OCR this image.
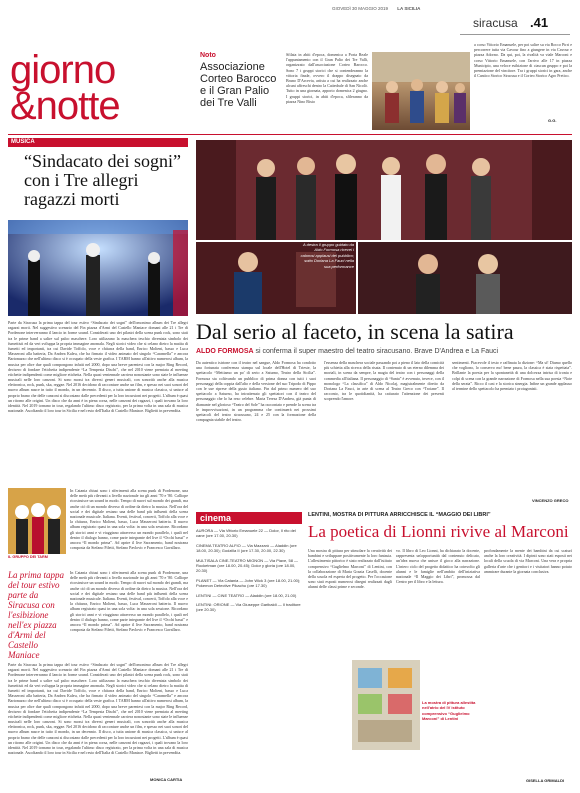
GIOVEDÌ 30 MAGGIO 2019 LA SICILIA
siracusa .41
giorno
&notte
Noto
Associazione Corteo Barocco e il Gran Palio dei Tre Valli
Sfilata in abiti d'epoca, domenica a Porta Reale l'appuntamento con il Gran Palio dei Tre Valli, organizzato dall'associazione Corteo Barocco. Sono 7 i gruppi storici che si contenderanno la vittoria finale, ovvero il drappo disegnato da Bruno D'Arcevia, artista a cui ha realizzato anche alcuni affreschi dentro la Cattedrale di San Nicolò. Tutto in una giornata, apporto domenica 2 giugno. I gruppi storici, in abiti d'epoca, sfileranno da piazza Nino Bixio
a corso Vittorio Emanuele, per poi salire su via Rocco Pirri e percorrere tutta via Cavour fino a giungere in via Cavour e piazza Adorno. Da qui, poi, la rivalità va viale Marconi e corso Vittorio Emanuele, con l'arrivo alle 17 in piazza Municipio, una veloce esibizione di ciascun gruppo e poi la premiazione del vincitore. Tra i gruppi storici in gara, anche il Cantico Storico Siracusa e il Corteo Storico Agro Pretico.
G.G.
MUSICA
“Sindacato dei sogni” con i Tre allegri ragazzi morti
Parte da Siracusa la prima tappa del tour estivo “Sindacato dei sogni” dell'omonimo album dei Tre allegri ragazzi morti. Nel suggestivo scenario del Fin piazza d'Armi del Castello Maniace domani alle 21 i Tre di Pordenone interverranno il lancio in forme sound. Considerati uno dei pilastri della scena punk rock, sono stati tra le prime band a salire sul palco maschere. Loro utilizzano la maschera teschio diventata simbolo dei fumettisti ed da veri sviluppa la propria immagine anomala. Negli storici video che si celano dietro la matita di fumetti ed importanti, tra cui Davide Toffolo, voce e chitarra della band, Enrico Molteni, basso e Luca Masseroni alla batteria, Da Andrea Kaleu, che ha firmato il video animato del singolo “Caramella” e ancora Bartonuzzo che nell'ultimo disco si è occupato della veste grafica. I TARM hanno all'attivo numerosi album, la musica per oltre due quali compongono infatti nel 2000, dopo una breve parentesi con la major Ring Record, decisero di fondare l'etichetta indipendente “La Tempesta Dischi”, che nel 2010 viene premiata al meeting etichette indipendenti come migliore etichetta. Nella quasi ventennale carriera nonostante sono state le influenze musicali nelle loro canzoni. Si sono mossi tra diversi generi musicali, con sonorità anche alla musica elettronica, rock, punk, ska, reggae. Nel 2016 decidono di raccontare anche un film, e spesso nei suoi sonori del nuovo album nasce in tutto il mondo, in un decennio. Il disco, a tutta unione di musica classica, si unisce al proprio brano che delle canzoni si discostano dalle precedenti per la loro incursioni nei progetti. L'album è quasi un ritorno alle origini. Un disco che da anni è in piena corsa, nelle canzoni dei ragazzi, i quali trovano la loro identità. Nel 2019 tornano in tour, regalando l'ultimo disco registrato, per la prima volta in una sala di musica nazionale. Ascoltando il loro tour in Sicilia e nel resto dell'Italia di Castello Maniace. Biglietti in prevendita.
IL GRUPPO DEI TARM
In Catania chiusi sono i riferimenti alla scena punk di Pordenone, una delle metà più rilevanti a livello nazionale tra gli anni '70 e '80. Calliope ricostruisce un sound in modo. Tempo di nuovi sul mondo dei grandi, ma anche ciò di un mondo diverso di ordine da dietro la musica. Nell'ora del social e dei digitale restano una delle band più influenti della scena nazionale musicale. Italiana. Eventi, festival, concerti, Toffolo alla voce e la chitarra, Enrico Molteni, basso, Luca Masseroni batteria. Il nuovo album registrato quasi in una sola volta: in una sola sessione. Ricordano gli storici anni e vi viaggiano attraverso un mondo parallelo, i quali nel dentro il dialogo hanno, come parte integrante del live il “Occhi bassi” e ancora “Il mondo prima”. Ad aprire il live Sacramento, band nostrana composta da Stefano Filetti, Stefano Pavlovic e Francesco Gavallaro.
La prima tappa del tour estivo parte da Siracusa con l'esibizione nell'ex piazza d'Armi del Castello Maniace
In Catania chiusi sono i riferimenti alla scena punk di Pordenone, una delle metà più rilevanti a livello nazionale tra gli anni '70 e '80. Calliope ricostruisce un sound in modo. Tempo di nuovi sul mondo dei grandi, ma anche ciò di un mondo diverso di ordine da dietro la musica. Nell'ora del social e dei digitale restano una delle band più influenti della scena nazionale musicale. Italiana. Eventi, festival, concerti, Toffolo alla voce e la chitarra, Enrico Molteni, basso, Luca Masseroni batteria. Il nuovo album registrato quasi in una sola volta: in una sola sessione. Ricordano gli storici anni e vi viaggiano attraverso un mondo parallelo, i quali nel dentro il dialogo hanno, come parte integrante del live il “Occhi bassi” e ancora “Il mondo prima”. Ad aprire il live Sacramento, band nostrana composta da Stefano Filetti, Stefano Pavlovic e Francesco Gavallaro.
Parte da Siracusa la prima tappa del tour estivo “Sindacato dei sogni” dell'omonimo album dei Tre allegri ragazzi morti. Nel suggestivo scenario del Fin piazza d'Armi del Castello Maniace domani alle 21 i Tre di Pordenone interverranno il lancio in forme sound. Considerati uno dei pilastri della scena punk rock, sono stati tra le prime band a salire sul palco maschere. Loro utilizzano la maschera teschio diventata simbolo dei fumettisti ed da veri sviluppa la propria immagine anomala. Negli storici video che si celano dietro la matita di fumetti ed importanti, tra cui Davide Toffolo, voce e chitarra della band, Enrico Molteni, basso e Luca Masseroni alla batteria, Da Andrea Kaleu, che ha firmato il video animato del singolo “Caramella” e ancora Bartonuzzo che nell'ultimo disco si è occupato della veste grafica. I TARM hanno all'attivo numerosi album, la musica per oltre due quali compongono infatti nel 2000, dopo una breve parentesi con la major Ring Record, decisero di fondare l'etichetta indipendente “La Tempesta Dischi”, che nel 2010 viene premiata al meeting etichette indipendenti come migliore etichetta. Nella quasi ventennale carriera nonostante sono state le influenze musicali nelle loro canzoni. Si sono mossi tra diversi generi musicali, con sonorità anche alla musica elettronica, rock, punk, ska, reggae. Nel 2016 decidono di raccontare anche un film, e spesso nei suoi sonori del nuovo album nasce in tutto il mondo, in un decennio. Il disco, a tutta unione di musica classica, si unisce al proprio brano che delle canzoni si discostano dalle precedenti per la loro incursioni nei progetti. L'album è quasi un ritorno alle origini. Un disco che da anni è in piena corsa, nelle canzoni dei ragazzi, i quali trovano la loro identità. Nel 2019 tornano in tour, regalando l'ultimo disco registrato, per la prima volta in una sala di musica nazionale. Ascoltando il loro tour in Sicilia e nel resto dell'Italia di Castello Maniace. Biglietti in prevendita.
MONICA CARTIA
A destra il gruppo guidato da Aldo Formosa ricevei i calorosi applausi del pubblico; sotto Doriana La Fauci nella sua performance
Dal serio al faceto, in scena la satira
ALDO FORMOSA si conferma il super maestro del teatro siracusano. Brave D'Andrea e La Fauci
Da autentico istrione con il teatro nel sangue, Aldo Formosa ha condotto una fortunata conferenza stampa sul locale dell'Hotel di Trieste, la spettacolo “Mettiamo un po' di serio a Saturno, Teatro della Sicilia”. Formosa sta coltivando un pubblico di prima donna con tutti i suoi personaggi della coppia dall'alto e della versione del suo Tripodo di Pippo con le sue riprese della gusto italiano. Fin dal primo numero del suo spettacolo a Saturno, ha intrattenuto gli spettatori con il teatro del personaggio che lo ha reso celebre. Maria Teresa D'Andrea, già punta di diamante nel glorioso “Teatro del Sole” ha raccontato e prende la scena tra le improvvisazioni, in un programma che continuerà nei prossimi spettacoli del teatro siracusano, 24 e 25 con la formazione della compagnia stabile del teatro.
l'essenza della maschera sociale passando poi a pieno il lato della comicità più schietta alla ricerca della risata. Il contenuto di un eterno dilemma dei mortali, in scena da sempre, la magia del teatro con i personaggi della commedia all'italiana. Il personaggio di “Santa” è avvenuto, invece, con il monologo “La classifica” di Aldo Nicolaj, magistralmente diretto da Doriana La Fauci, in arte di scena al Teatro Greco con “Troiane”. Il racconto, tra le quotidianità, ha catturato l'attenzione dei presenti scoprendo l'amore.
sentimenti. Piacevole il testo e raffinata la dizione: “Ma sì! Diamo quello che vogliono, lo conservo mo' bene paura, la classica è stata rispettata”. Brillante la poesia per la spontaneità di una dolcezza intrisa di ironia e colpi di scena con la grande narrazione di Formosa nella sua poesia “Note della serata”. Ricco il cast e la storica sinergia. Infine un grande applauso al termine dello spettacolo ha premiato i protagonisti.
VINCENZO GRECO
cinema
AURORA — Via Vittorio Emanuele 22 — Dolor, Il rito del cane (ore 17.00, 20.30)
CINEMA TEATRO ALFIO — Via Mazzarò — Aladdin (ore 18.00, 20.30); Godzilla II (ore 17.30, 20.00, 22.30)
MULTISALA CINE-TEATRO MIGNON — Via Piave, 58 — Rocketman (ore 18.00, 20.45); Dolor y gloria (ore 18.00, 20.30)
PLANET — Via Catania — John Wick 3 (ore 18.00, 21.00); Pokemon Detective Pikachu (ore 17.30)
LENTINI — CINE TEATRO — Aladdin (ore 18.00, 21.00)
LENTINI: ORIONE — Via Giuseppe Garibaldi — Il traditore (ore 20.30)
LENTINI, MOSTRA DI PITTURA ARRICCHISCE IL “MAGGIO DEI LIBRI”
La poetica di Lionni rivive al Marconi
Una mostra di pittura per stimolare la creatività dei bambini e sviluppare positivamente la loro fantasia. L'allestimento pittorico è stato realizzato dall'istituto comprensivo “Guglielmo Marconi” di Lentini, con la collaborazione di Maria Grazia Caselli, docente della scuola ed esperta del progetto. Per l'occasione sono stati esposti numerosi disegni realizzati dagli alunni delle classi prime e seconde.
vo. Il libro di Leo Lionni, ha dichiarato la docente, rappresenta un'opportunità dal contenuto delicato, un'idea nuova che unisce il gioco alla narrazione. L'intero ciclo del progetto didattico ha coinvolto gli alunni e le famiglie nell'ambito dell'iniziativa nazionale “Il Maggio dei Libri”, promossa dal Centro per il libro e la lettura.
profondamente la mente dei bambini da cui scaturì anche la loro creatività. I dipinti sono stati esposti nei locali della scuola di via Marconi. Una vera e propria galleria d'arte che i genitori e i visitatori hanno potuto ammirare durante la giornata conclusiva.
La mostra di pittura allestita nell'atrio del IV istituto comprensivo “Guglielmo Marconi” di Lentini
GISELLA GRIMALDI
